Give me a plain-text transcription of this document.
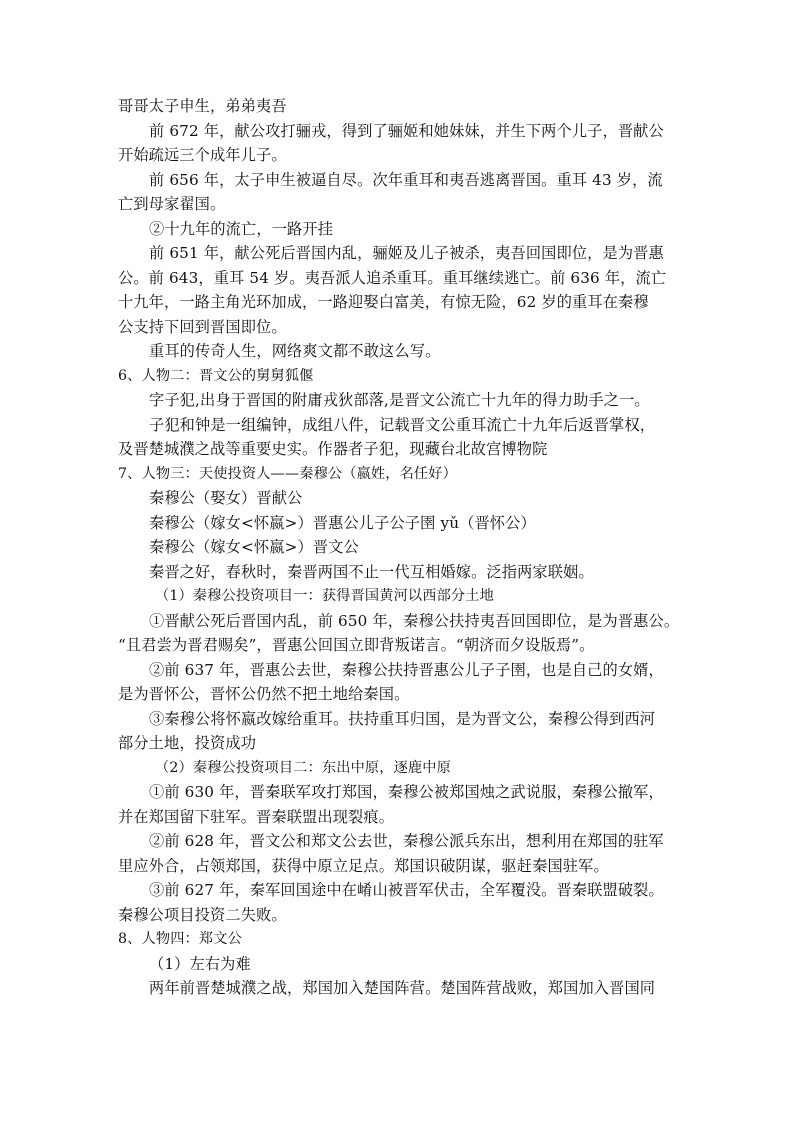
哥哥太子申生，弟弟夷吾
前 672 年，献公攻打骊戎，得到了骊姬和她妹妹，并生下两个儿子，晋献公
开始疏远三个成年儿子。
前 656 年，太子申生被逼自尽。次年重耳和夷吾逃离晋国。重耳 43 岁，流
亡到母家翟国。
②十九年的流亡，一路开挂
前 651 年，献公死后晋国内乱，骊姬及儿子被杀，夷吾回国即位，是为晋惠
公。前 643，重耳 54 岁。夷吾派人追杀重耳。重耳继续逃亡。前 636 年，流亡
十九年，一路主角光环加成，一路迎娶白富美，有惊无险，62 岁的重耳在秦穆
公支持下回到晋国即位。
重耳的传奇人生，网络爽文都不敢这么写。
6、人物二：晋文公的舅舅狐偃
字子犯,出身于晋国的附庸戎狄部落,是晋文公流亡十九年的得力助手之一。
子犯和钟是一组编钟，成组八件，记载晋文公重耳流亡十九年后返晋掌权，
及晋楚城濮之战等重要史实。作器者子犯，现藏台北故宫博物院
7、人物三：天使投资人——秦穆公（嬴姓，名任好）
秦穆公（娶女）晋献公
秦穆公（嫁女<怀嬴>）晋惠公儿子公子圉 yǔ（晋怀公）
秦穆公（嫁女<怀嬴>）晋文公
秦晋之好，春秋时，秦晋两国不止一代互相婚嫁。泛指两家联姻。
（1）秦穆公投资项目一：获得晋国黄河以西部分土地
①晋献公死后晋国内乱，前 650 年，秦穆公扶持夷吾回国即位，是为晋惠公。
“且君尝为晋君赐矣”，晋惠公回国立即背叛诺言。“朝济而夕设版焉”。
②前 637 年，晋惠公去世，秦穆公扶持晋惠公儿子子圉，也是自己的女婿，
是为晋怀公，晋怀公仍然不把土地给秦国。
③秦穆公将怀嬴改嫁给重耳。扶持重耳归国，是为晋文公，秦穆公得到西河
部分土地，投资成功
（2）秦穆公投资项目二：东出中原，逐鹿中原
①前 630 年，晋秦联军攻打郑国，秦穆公被郑国烛之武说服，秦穆公撤军，
并在郑国留下驻军。晋秦联盟出现裂痕。
②前 628 年，晋文公和郑文公去世，秦穆公派兵东出，想利用在郑国的驻军
里应外合，占领郑国，获得中原立足点。郑国识破阴谋，驱赶秦国驻军。
③前 627 年，秦军回国途中在崤山被晋军伏击，全军覆没。晋秦联盟破裂。
秦穆公项目投资二失败。
8、人物四：郑文公
（1）左右为难
两年前晋楚城濮之战，郑国加入楚国阵营。楚国阵营战败，郑国加入晋国同
